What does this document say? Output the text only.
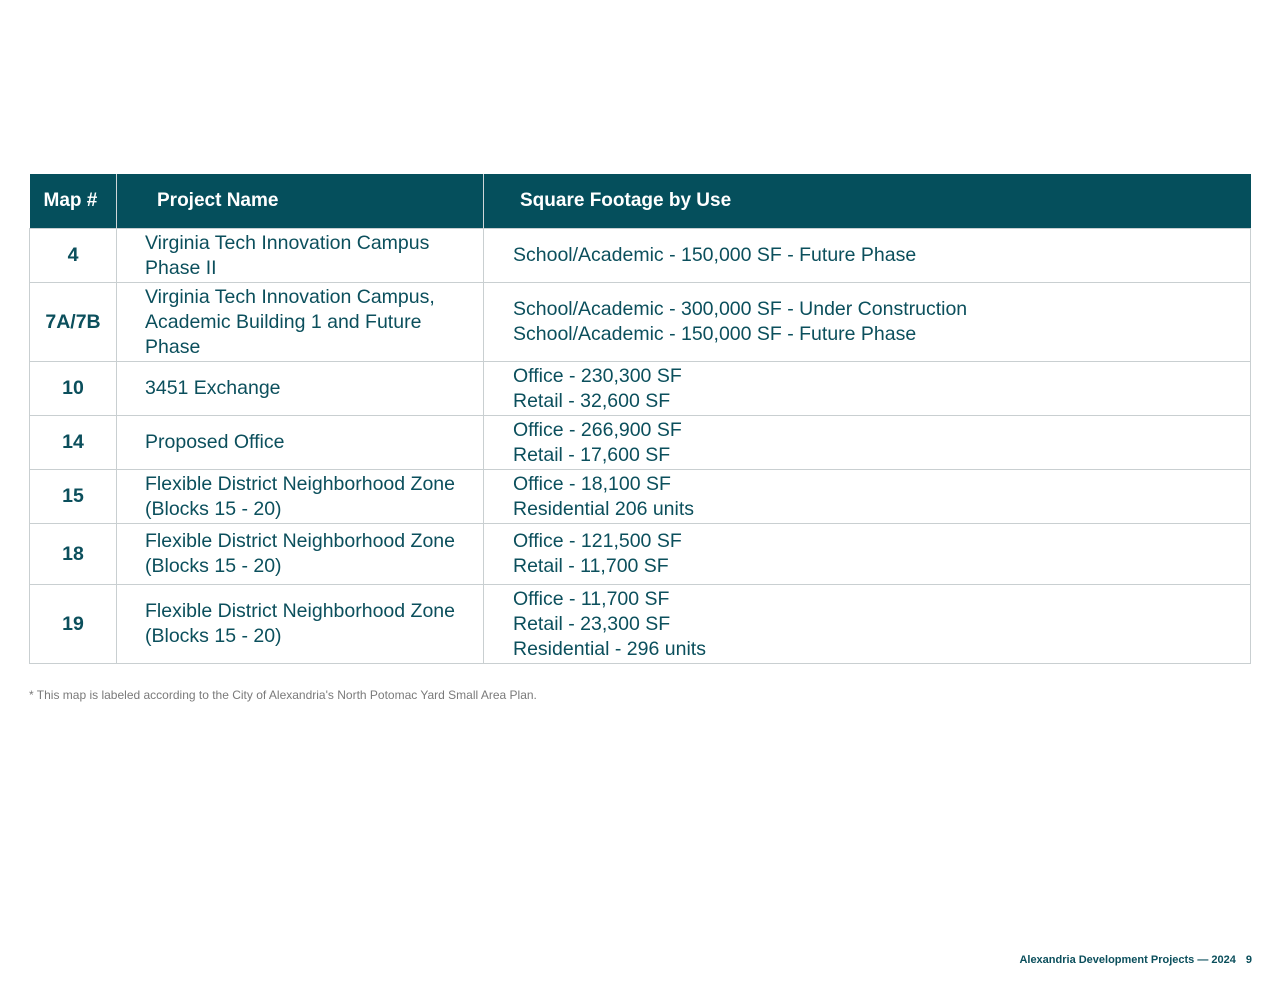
Map #	Project Name	Square Footage by Use
4	Virginia Tech Innovation Campus Phase II	School/Academic - 150,000 SF - Future Phase

7A/7B	Virginia Tech Innovation Campus, Academic Building 1 and Future Phase	School/Academic - 300,000 SF - Under Construction
School/Academic - 150,000 SF - Future Phase

10	3451 Exchange	Office - 230,300 SF
Retail - 32,600 SF

14	Proposed Office	Office - 266,900 SF
Retail - 17,600 SF

15	Flexible District Neighborhood Zone (Blocks 15 - 20)	Office - 18,100 SF
Residential 206 units

18	Flexible District Neighborhood Zone (Blocks 15 - 20)	Office - 121,500 SF
Retail - 11,700 SF

19	Flexible District Neighborhood Zone (Blocks 15 - 20)	Office - 11,700 SF
Retail - 23,300 SF
Residential - 296 units
* This map is labeled according to the City of Alexandria's North Potomac Yard Small Area Plan.
Alexandria Development Projects — 2024 9
